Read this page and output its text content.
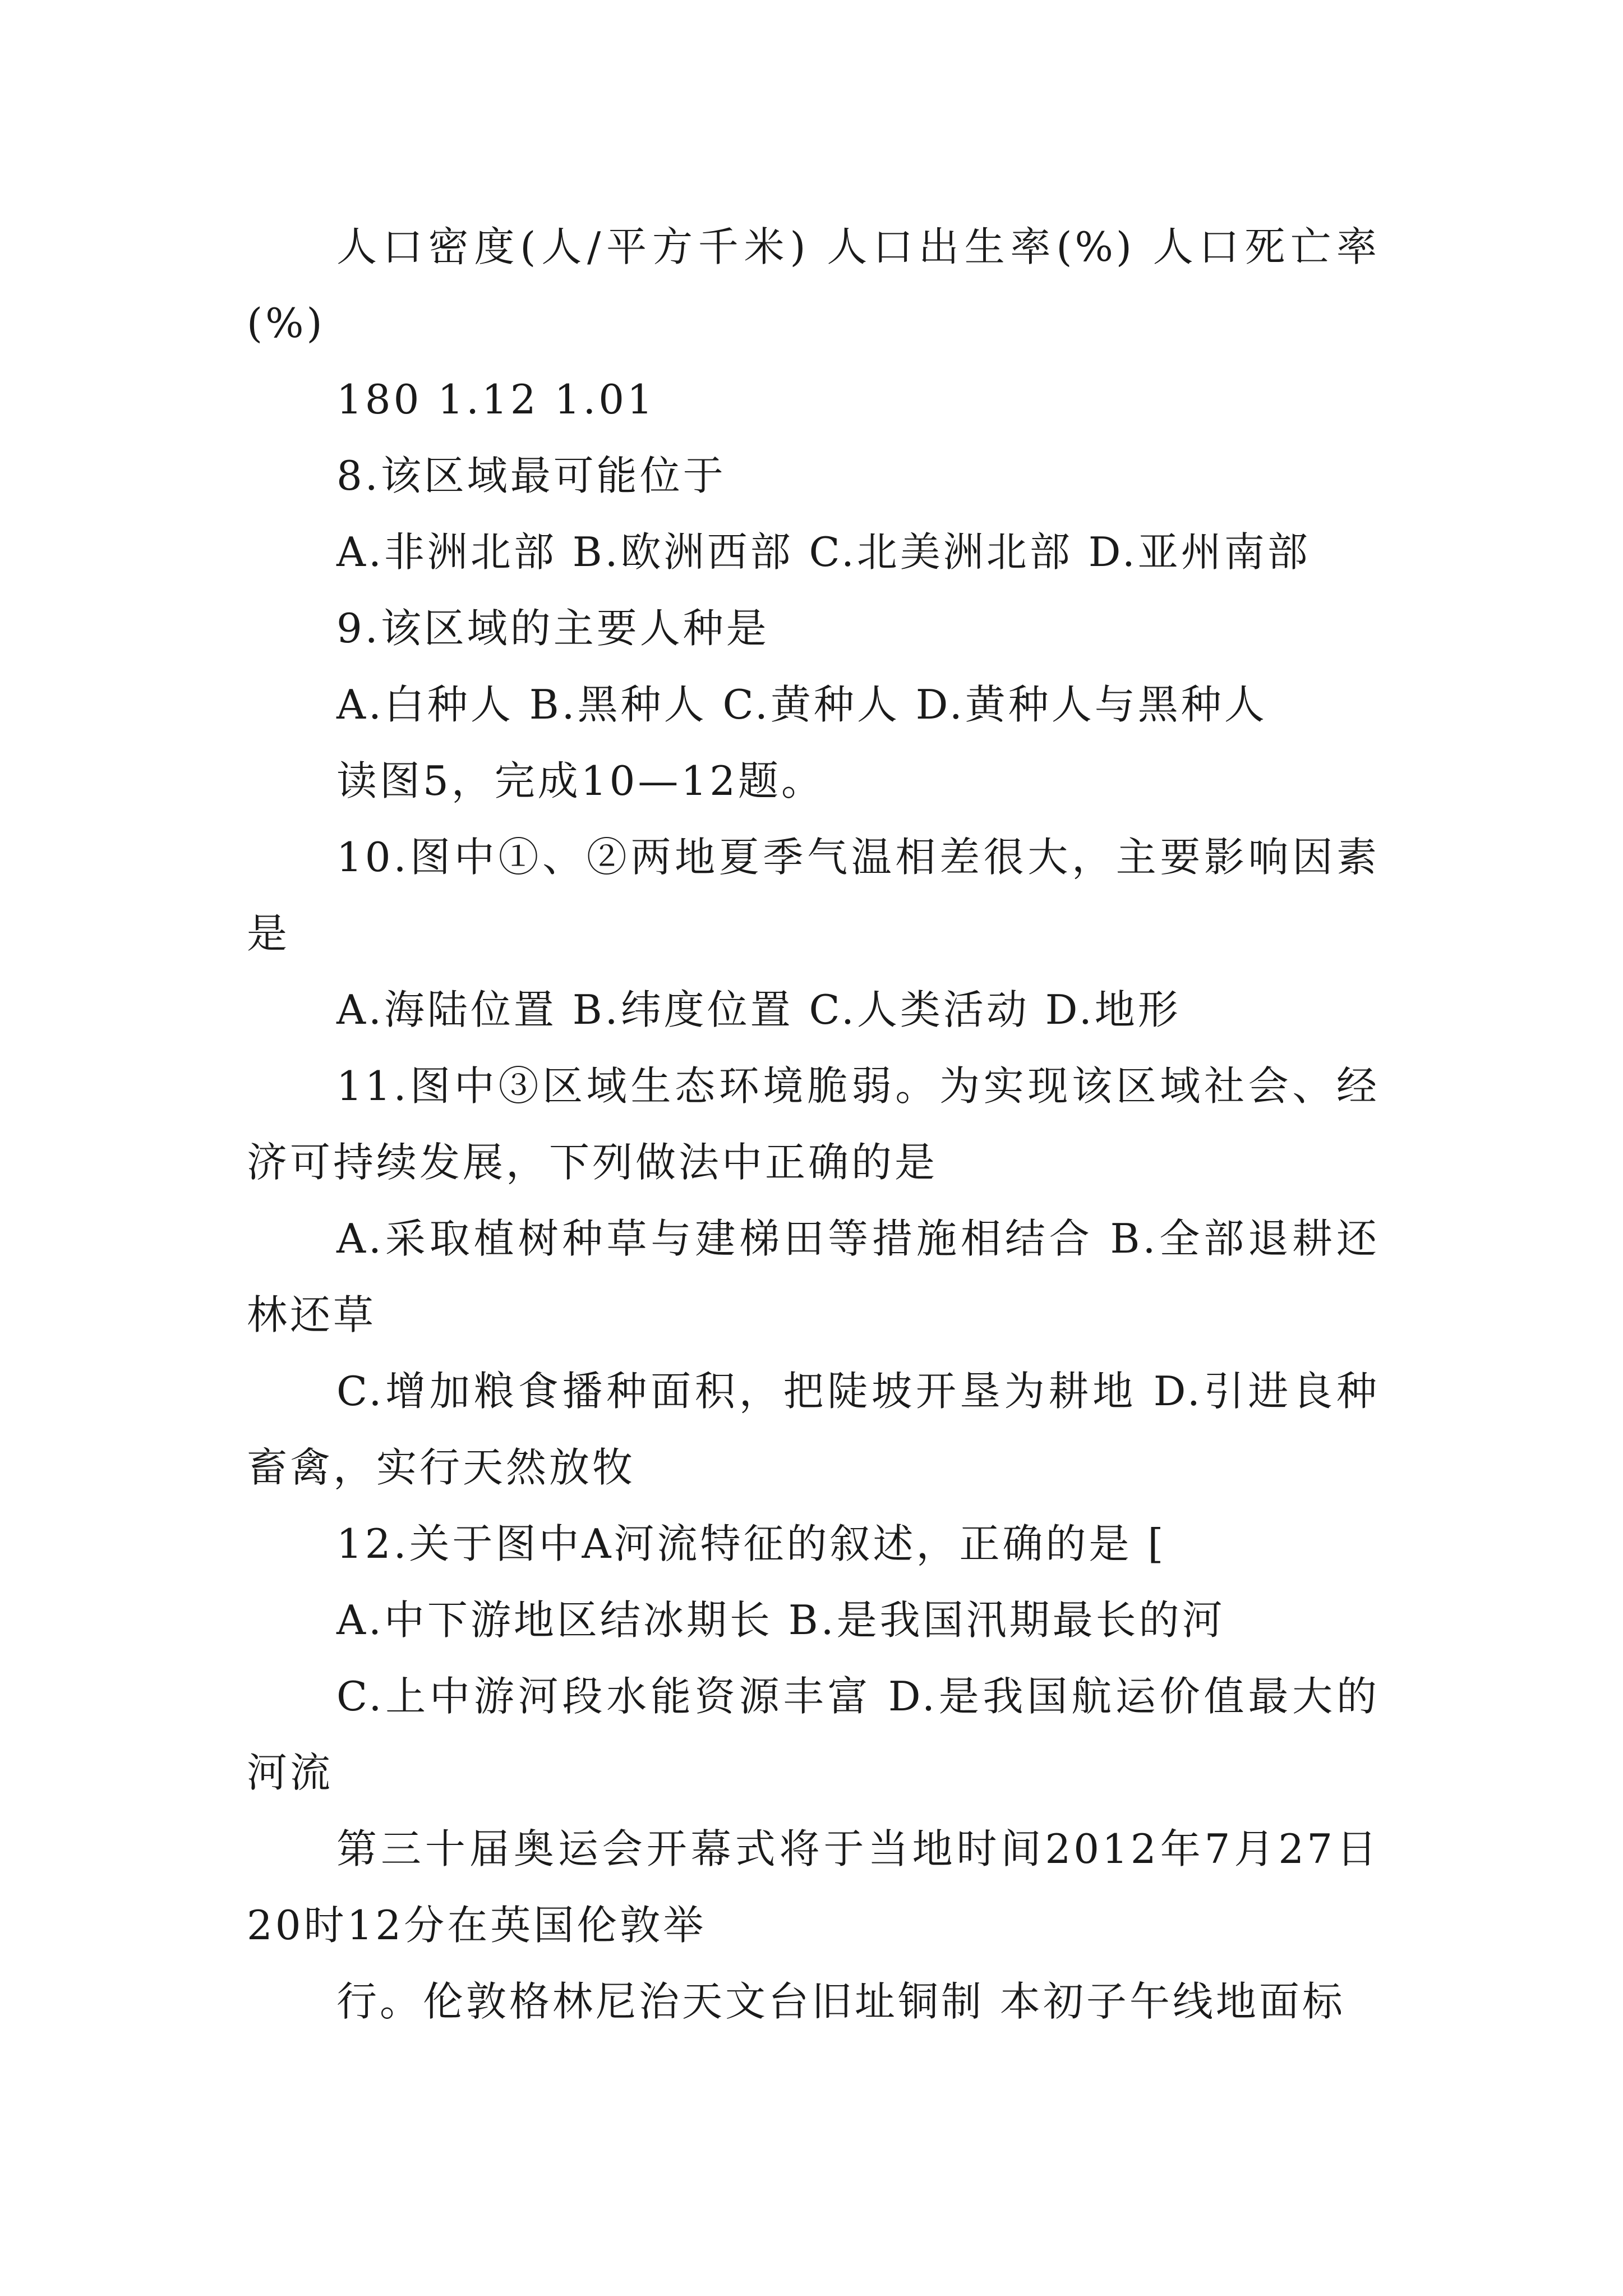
人口密度(人/平方千米) 人口出生率(%) 人口死亡率(%)

180 1.12 1.01

8.该区域最可能位于

A.非洲北部 B.欧洲西部 C.北美洲北部 D.亚州南部

9.该区域的主要人种是

A.白种人 B.黑种人 C.黄种人 D.黄种人与黑种人

读图5，完成10—12题。

10.图中①、②两地夏季气温相差很大，主要影响因素是

A.海陆位置 B.纬度位置 C.人类活动 D.地形

11.图中③区域生态环境脆弱。为实现该区域社会、经济可持续发展，下列做法中正确的是

A.采取植树种草与建梯田等措施相结合 B.全部退耕还林还草

C.增加粮食播种面积，把陡坡开垦为耕地 D.引进良种畜禽，实行天然放牧

12.关于图中A河流特征的叙述，正确的是 [

A.中下游地区结冰期长 B.是我国汛期最长的河

C.上中游河段水能资源丰富 D.是我国航运价值最大的河流

第三十届奥运会开幕式将于当地时间2012年7月27日20时12分在英国伦敦举

行。伦敦格林尼治天文台旧址铜制 本初子午线地面标
